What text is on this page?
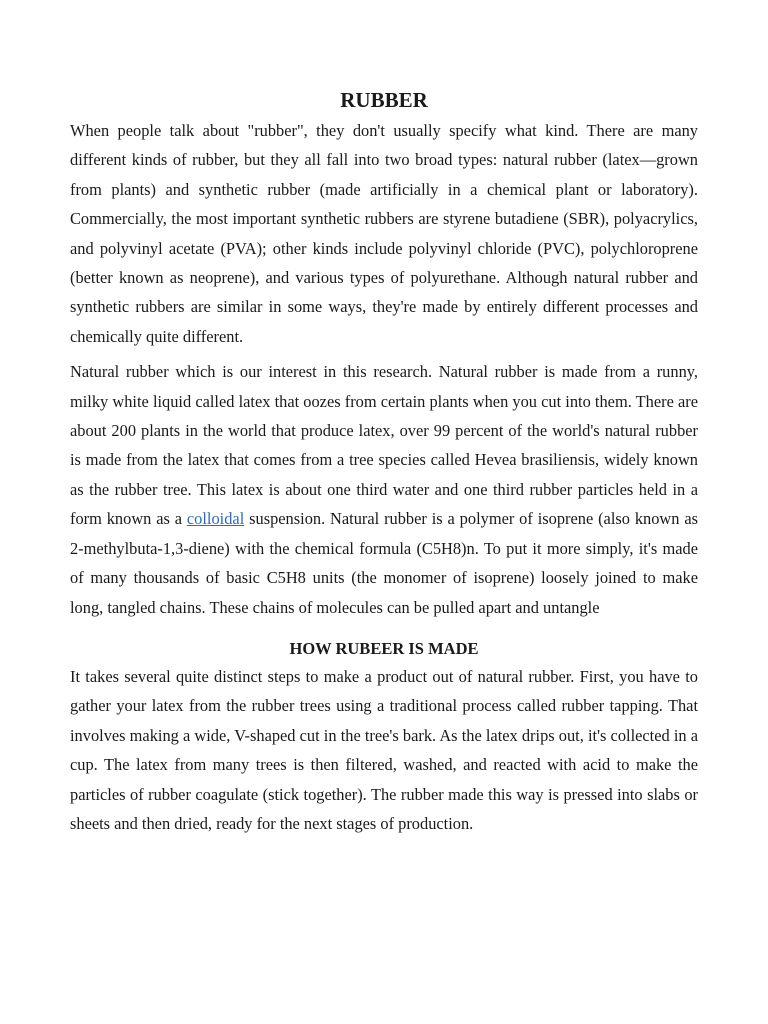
RUBBER

When people talk about "rubber", they don't usually specify what kind. There are many different kinds of rubber, but they all fall into two broad types: natural rubber (latex—grown from plants) and synthetic rubber (made artificially in a chemical plant or laboratory). Commercially, the most important synthetic rubbers are styrene butadiene (SBR), polyacrylics, and polyvinyl acetate (PVA); other kinds include polyvinyl chloride (PVC), polychloroprene (better known as neoprene), and various types of polyurethane. Although natural rubber and synthetic rubbers are similar in some ways, they're made by entirely different processes and chemically quite different.

Natural rubber which is our interest in this research. Natural rubber is made from a runny, milky white liquid called latex that oozes from certain plants when you cut into them. There are about 200 plants in the world that produce latex, over 99 percent of the world's natural rubber is made from the latex that comes from a tree species called Hevea brasiliensis, widely known as the rubber tree. This latex is about one third water and one third rubber particles held in a form known as a colloidal suspension. Natural rubber is a polymer of isoprene (also known as 2-methylbuta-1,3-diene) with the chemical formula (C5H8)n. To put it more simply, it's made of many thousands of basic C5H8 units (the monomer of isoprene) loosely joined to make long, tangled chains. These chains of molecules can be pulled apart and untangle

HOW RUBEER IS MADE

It takes several quite distinct steps to make a product out of natural rubber. First, you have to gather your latex from the rubber trees using a traditional process called rubber tapping. That involves making a wide, V-shaped cut in the tree's bark. As the latex drips out, it's collected in a cup. The latex from many trees is then filtered, washed, and reacted with acid to make the particles of rubber coagulate (stick together). The rubber made this way is pressed into slabs or sheets and then dried, ready for the next stages of production.
